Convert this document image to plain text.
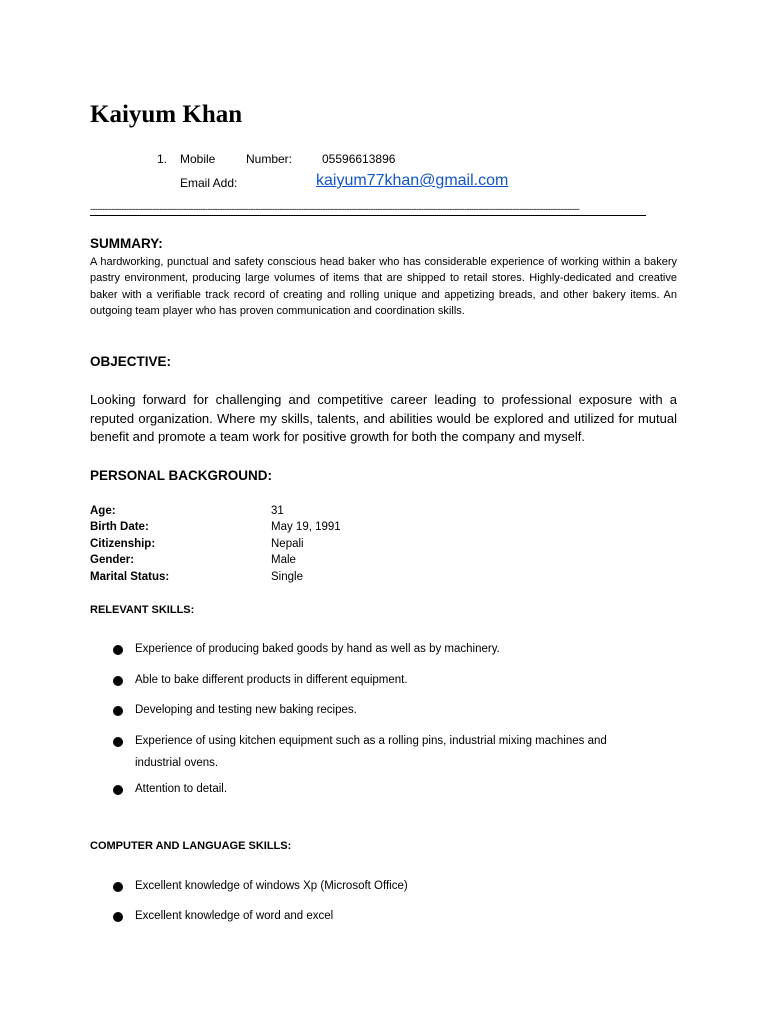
Kaiyum Khan
1. Mobile	Number: 05596613896
Email Add:	kaiyum77khan@gmail.com
------------------------------------------------------------------------------------------------------------------------------------------------------------------------------------------------------------
SUMMARY:

A hardworking, punctual and safety conscious head baker who has considerable experience of working within a bakery pastry environment, producing large volumes of items that are shipped to retail stores. Highly-dedicated and creative baker with a verifiable track record of creating and rolling unique and appetizing breads, and other bakery items. An outgoing team player who has proven communication and coordination skills.

OBJECTIVE:

Looking forward for challenging and competitive career leading to professional exposure with a reputed organization. Where my skills, talents, and abilities would be explored and utilized for mutual benefit and promote a team work for positive growth for both the company and myself.

PERSONAL BACKGROUND:
Age:	31
Birth Date:	May 19, 1991
Citizenship:	Nepali
Gender:	Male
Marital Status:	Single
RELEVANT SKILLS:
Experience of producing baked goods by hand as well as by machinery.
Able to bake different products in different equipment.
Developing and testing new baking recipes.
Experience of using kitchen equipment such as a rolling pins, industrial mixing machines and industrial ovens.
Attention to detail.
COMPUTER AND LANGUAGE SKILLS:
Excellent knowledge of windows Xp (Microsoft Office)
Excellent knowledge of word and excel
